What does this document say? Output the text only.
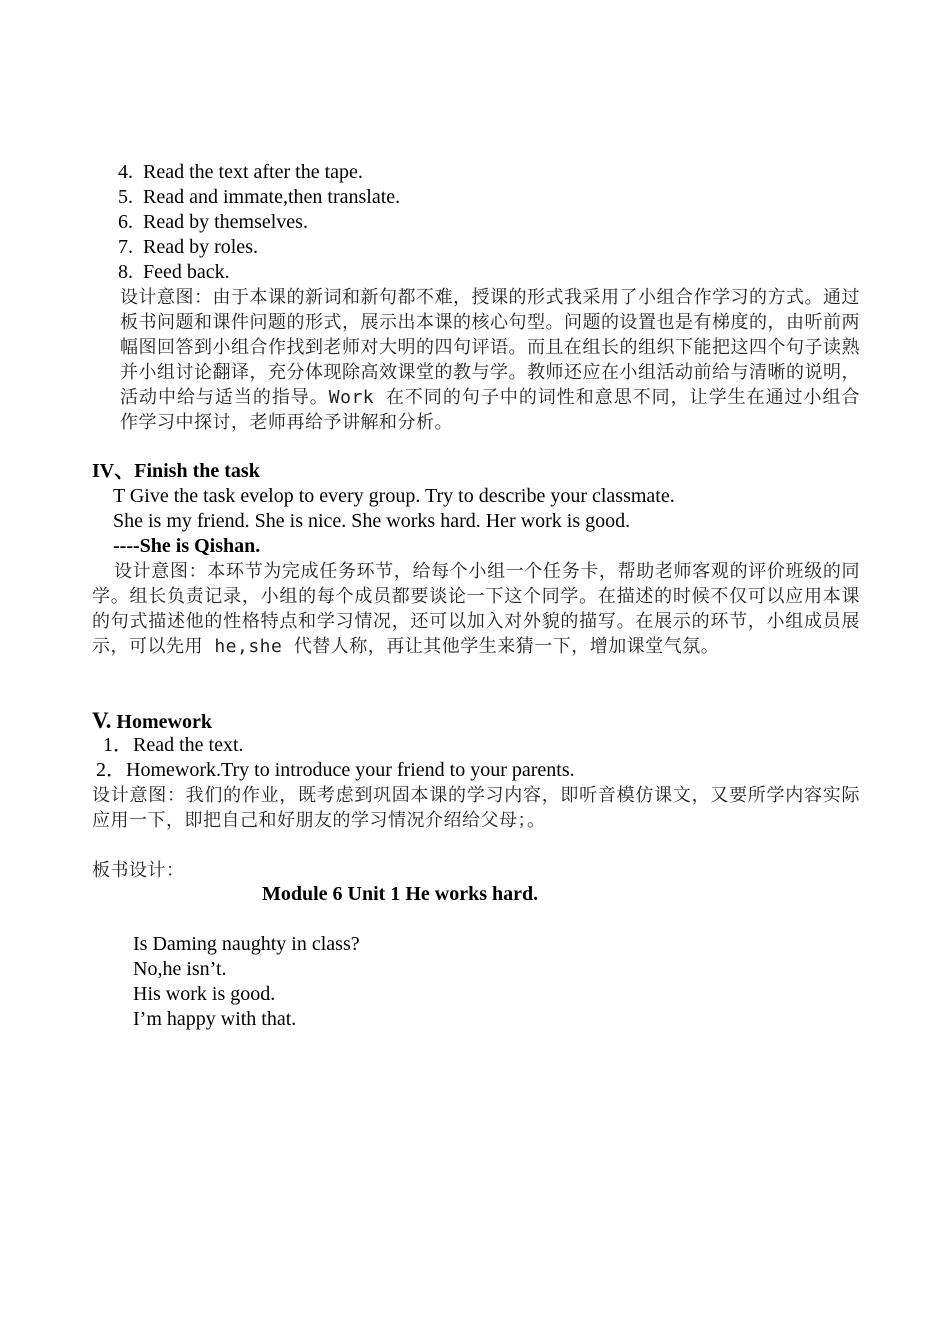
4. Read the text after the tape.
5. Read and immate,then translate.
6. Read by themselves.
7. Read by roles.
8. Feed back.
设计意图：由于本课的新词和新句都不难，授课的形式我采用了小组合作学习的方式。通过板书问题和课件问题的形式，展示出本课的核心句型。问题的设置也是有梯度的，由听前两幅图回答到小组合作找到老师对大明的四句评语。而且在组长的组织下能把这四个句子读熟并小组讨论翻译，充分体现除高效课堂的教与学。教师还应在小组活动前给与清晰的说明，活动中给与适当的指导。Work 在不同的句子中的词性和意思不同，让学生在通过小组合作学习中探讨，老师再给予讲解和分析。
IV、Finish the task
T Give the task evelop to every group. Try to describe your classmate.
She is my friend. She is nice. She works hard. Her work is good.
----She is Qishan.
设计意图：本环节为完成任务环节，给每个小组一个任务卡，帮助老师客观的评价班级的同学。组长负责记录，小组的每个成员都要谈论一下这个同学。在描述的时候不仅可以应用本课的句式描述他的性格特点和学习情况，还可以加入对外貌的描写。在展示的环节，小组成员展示，可以先用 he,she 代替人称，再让其他学生来猜一下，增加课堂气氛。
V. Homework
1．Read the text.
2．Homework.Try to introduce your friend to your parents.
设计意图：我们的作业，既考虑到巩固本课的学习内容，即听音模仿课文，又要所学内容实际应用一下，即把自己和好朋友的学习情况介绍给父母；。
板书设计：
Module 6 Unit 1 He works hard.
Is Daming naughty in class?
No,he isn’t.
His work is good.
I’m happy with that.
